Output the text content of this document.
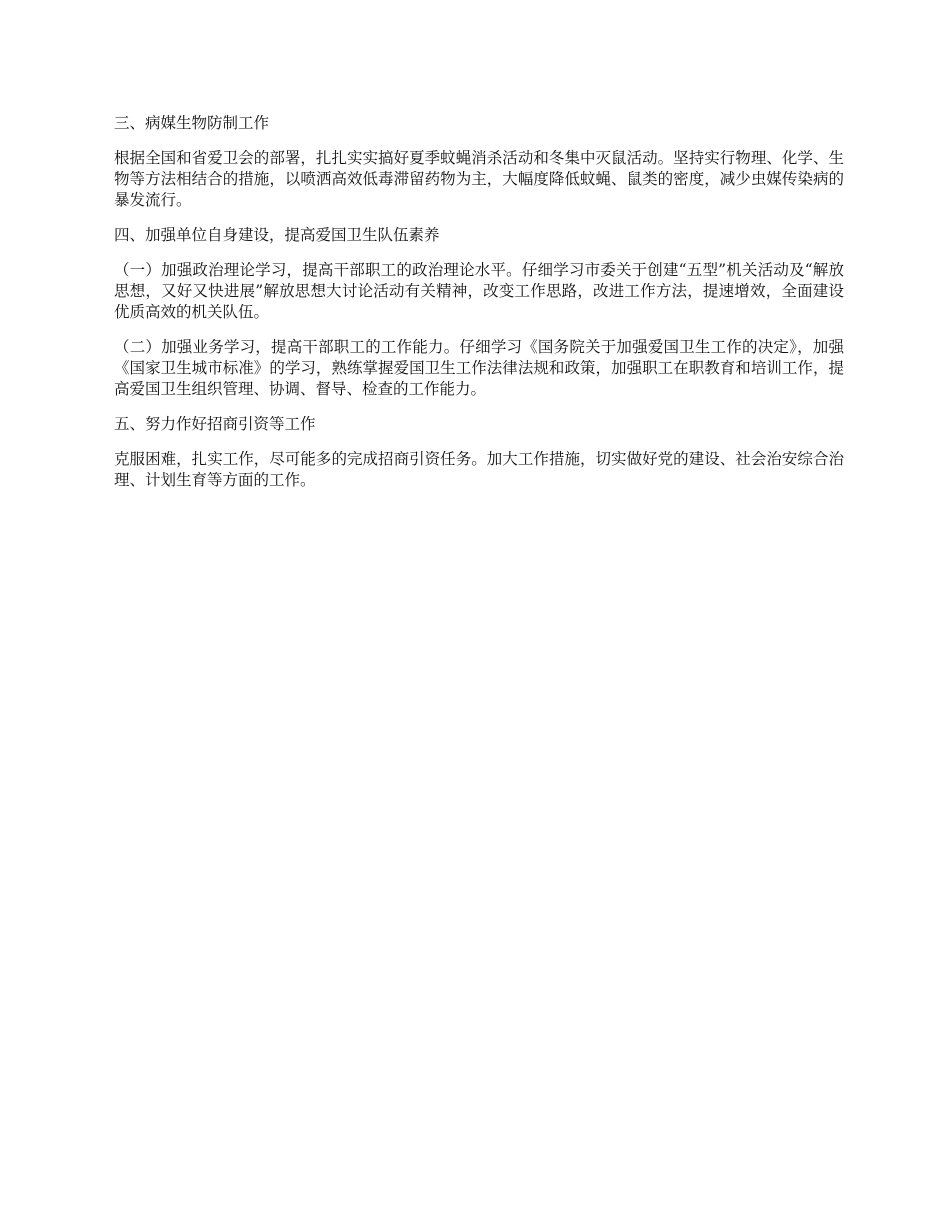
三、病媒生物防制工作

根据全国和省爱卫会的部署，扎扎实实搞好夏季蚊蝇消杀活动和冬集中灭鼠活动。坚持实行物理、化学、生物等方法相结合的措施，以喷洒高效低毒滞留药物为主，大幅度降低蚊蝇、鼠类的密度，减少虫媒传染病的暴发流行。

四、加强单位自身建设，提高爱国卫生队伍素养

（一）加强政治理论学习，提高干部职工的政治理论水平。仔细学习市委关于创建“五型”机关活动及“解放思想，又好又快进展”解放思想大讨论活动有关精神，改变工作思路，改进工作方法，提速增效，全面建设优质高效的机关队伍。

（二）加强业务学习，提高干部职工的工作能力。仔细学习《国务院关于加强爱国卫生工作的决定》，加强《国家卫生城市标准》的学习，熟练掌握爱国卫生工作法律法规和政策，加强职工在职教育和培训工作，提高爱国卫生组织管理、协调、督导、检查的工作能力。

五、努力作好招商引资等工作

克服困难，扎实工作，尽可能多的完成招商引资任务。加大工作措施，切实做好党的建设、社会治安综合治理、计划生育等方面的工作。
